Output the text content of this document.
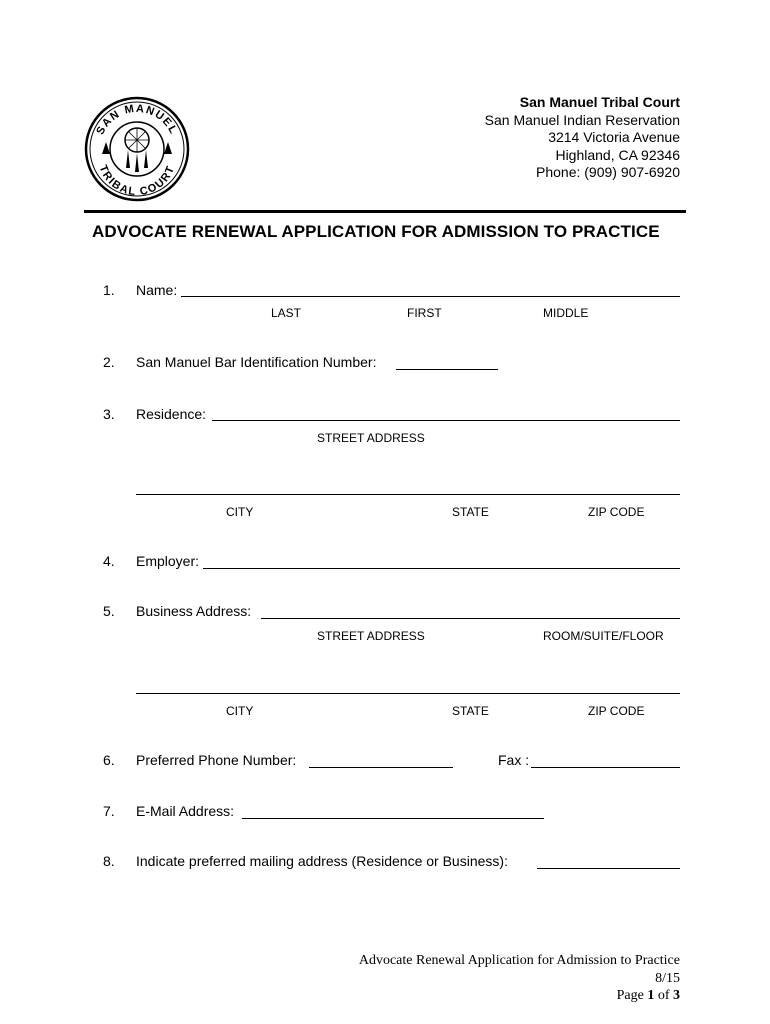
SAN MANUEL
TRIBAL COURT
San Manuel Tribal Court
San Manuel Indian Reservation
3214 Victoria Avenue
Highland, CA 92346
Phone: (909) 907-6920
ADVOCATE RENEWAL APPLICATION FOR ADMISSION TO PRACTICE
1. Name:
LAST	FIRST	MIDDLE
2. San Manuel Bar Identification Number:
3. Residence:
STREET ADDRESS
CITY	STATE	ZIP CODE
4. Employer:
5. Business Address:
STREET ADDRESS	ROOM/SUITE/FLOOR
CITY	STATE	ZIP CODE
6. Preferred Phone Number:	Fax :
7. E-Mail Address:
8. Indicate preferred mailing address (Residence or Business):
Advocate Renewal Application for Admission to Practice
8/15
Page 1 of 3
